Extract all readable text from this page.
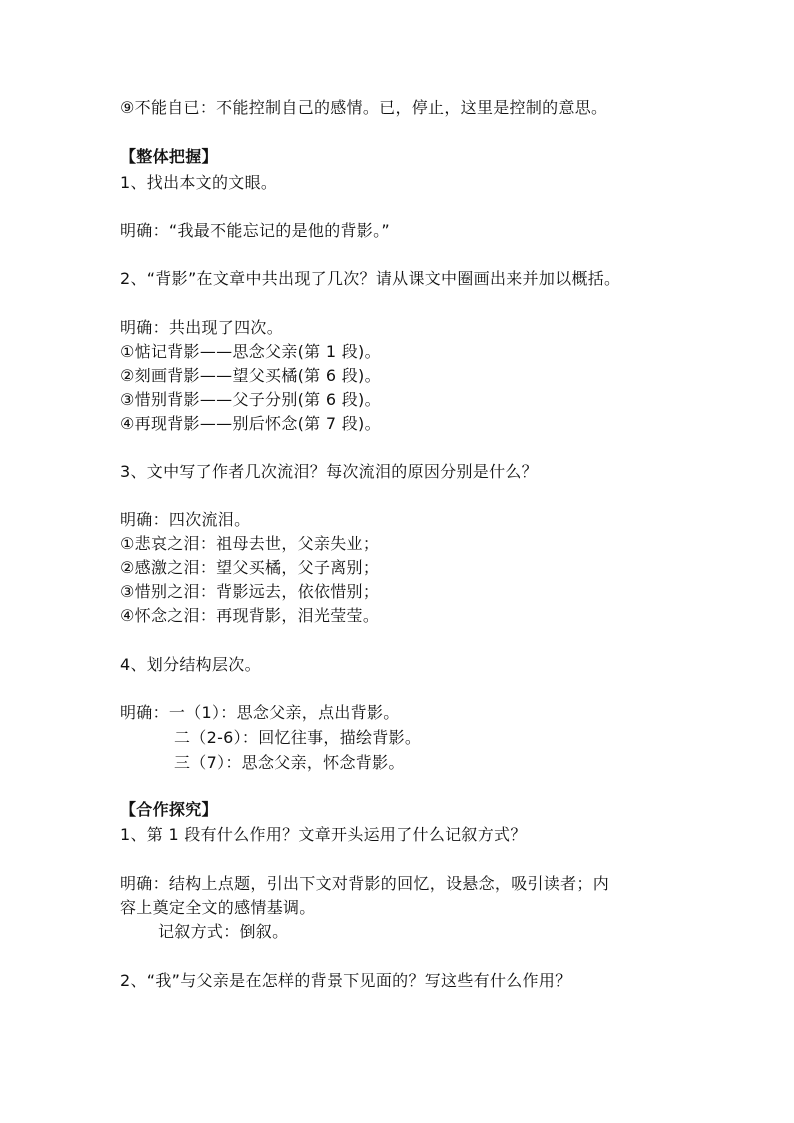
⑨不能自已：不能控制自己的感情。已，停止，这里是控制的意思。
【整体把握】
1、找出本文的文眼。
明确：“我最不能忘记的是他的背影。”
2、“背影”在文章中共出现了几次？请从课文中圈画出来并加以概括。
明确：共出现了四次。
①惦记背影——思念父亲(第 1 段)。
②刻画背影——望父买橘(第 6 段)。
③惜别背影——父子分别(第 6 段)。
④再现背影——别后怀念(第 7 段)。
3、文中写了作者几次流泪？每次流泪的原因分别是什么？
明确：四次流泪。
①悲哀之泪：祖母去世，父亲失业；
②感激之泪：望父买橘，父子离别；
③惜别之泪：背影远去，依依惜别；
④怀念之泪：再现背影，泪光莹莹。
4、划分结构层次。
明确：一（1）：思念父亲，点出背影。
二（2-6）：回忆往事，描绘背影。
三（7）：思念父亲，怀念背影。
【合作探究】
1、第 1 段有什么作用？文章开头运用了什么记叙方式？
明确：结构上点题，引出下文对背影的回忆，设悬念，吸引读者；内
容上奠定全文的感情基调。
记叙方式：倒叙。
2、“我”与父亲是在怎样的背景下见面的？写这些有什么作用？
